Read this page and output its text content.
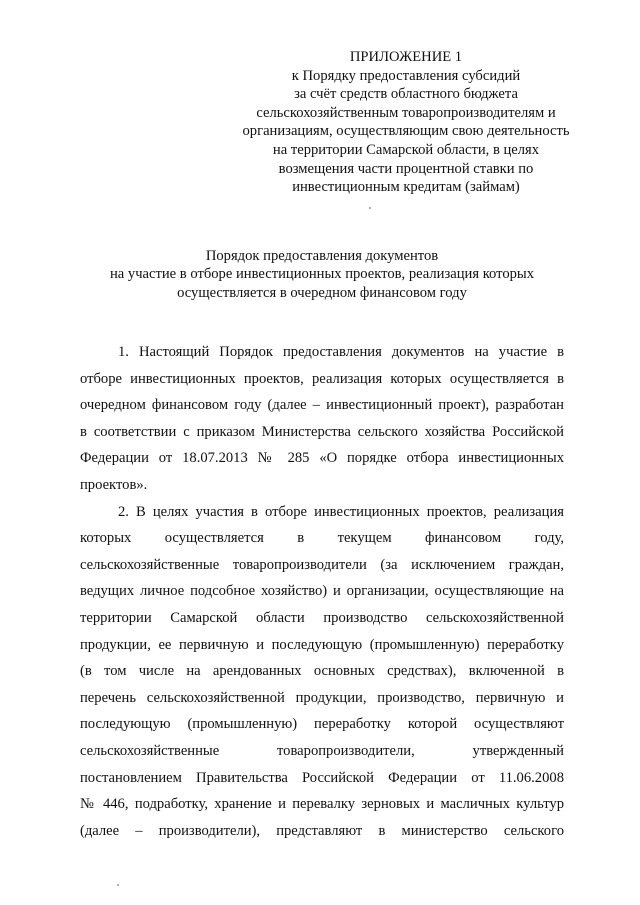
ПРИЛОЖЕНИЕ 1
к Порядку предоставления субсидий
за счёт средств областного бюджета
сельскохозяйственным товаропроизводителям и
организациям, осуществляющим свою деятельность
на территории Самарской области, в целях
возмещения части процентной ставки по
инвестиционным кредитам (займам)
Порядок предоставления документов
на участие в отборе инвестиционных проектов, реализация которых
осуществляется в очередном финансовом году
1. Настоящий Порядок предоставления документов на участие в
отборе инвестиционных проектов, реализация которых осуществляется в
очередном финансовом году (далее – инвестиционный проект), разработан
в соответствии с приказом Министерства сельского хозяйства Российской
Федерации от 18.07.2013 № 285 «О порядке отбора инвестиционных
проектов».
2. В целях участия в отборе инвестиционных проектов, реализация
которых осуществляется в текущем финансовом году,
сельскохозяйственные товаропроизводители (за исключением граждан,
ведущих личное подсобное хозяйство) и организации, осуществляющие на
территории Самарской области производство сельскохозяйственной
продукции, ее первичную и последующую (промышленную) переработку
(в том числе на арендованных основных средствах), включенной в
перечень сельскохозяйственной продукции, производство, первичную и
последующую (промышленную) переработку которой осуществляют
сельскохозяйственные товаропроизводители, утвержденный
постановлением Правительства Российской Федерации от 11.06.2008
№ 446, подработку, хранение и перевалку зерновых и масличных культур
(далее – производители), представляют в министерство сельского
